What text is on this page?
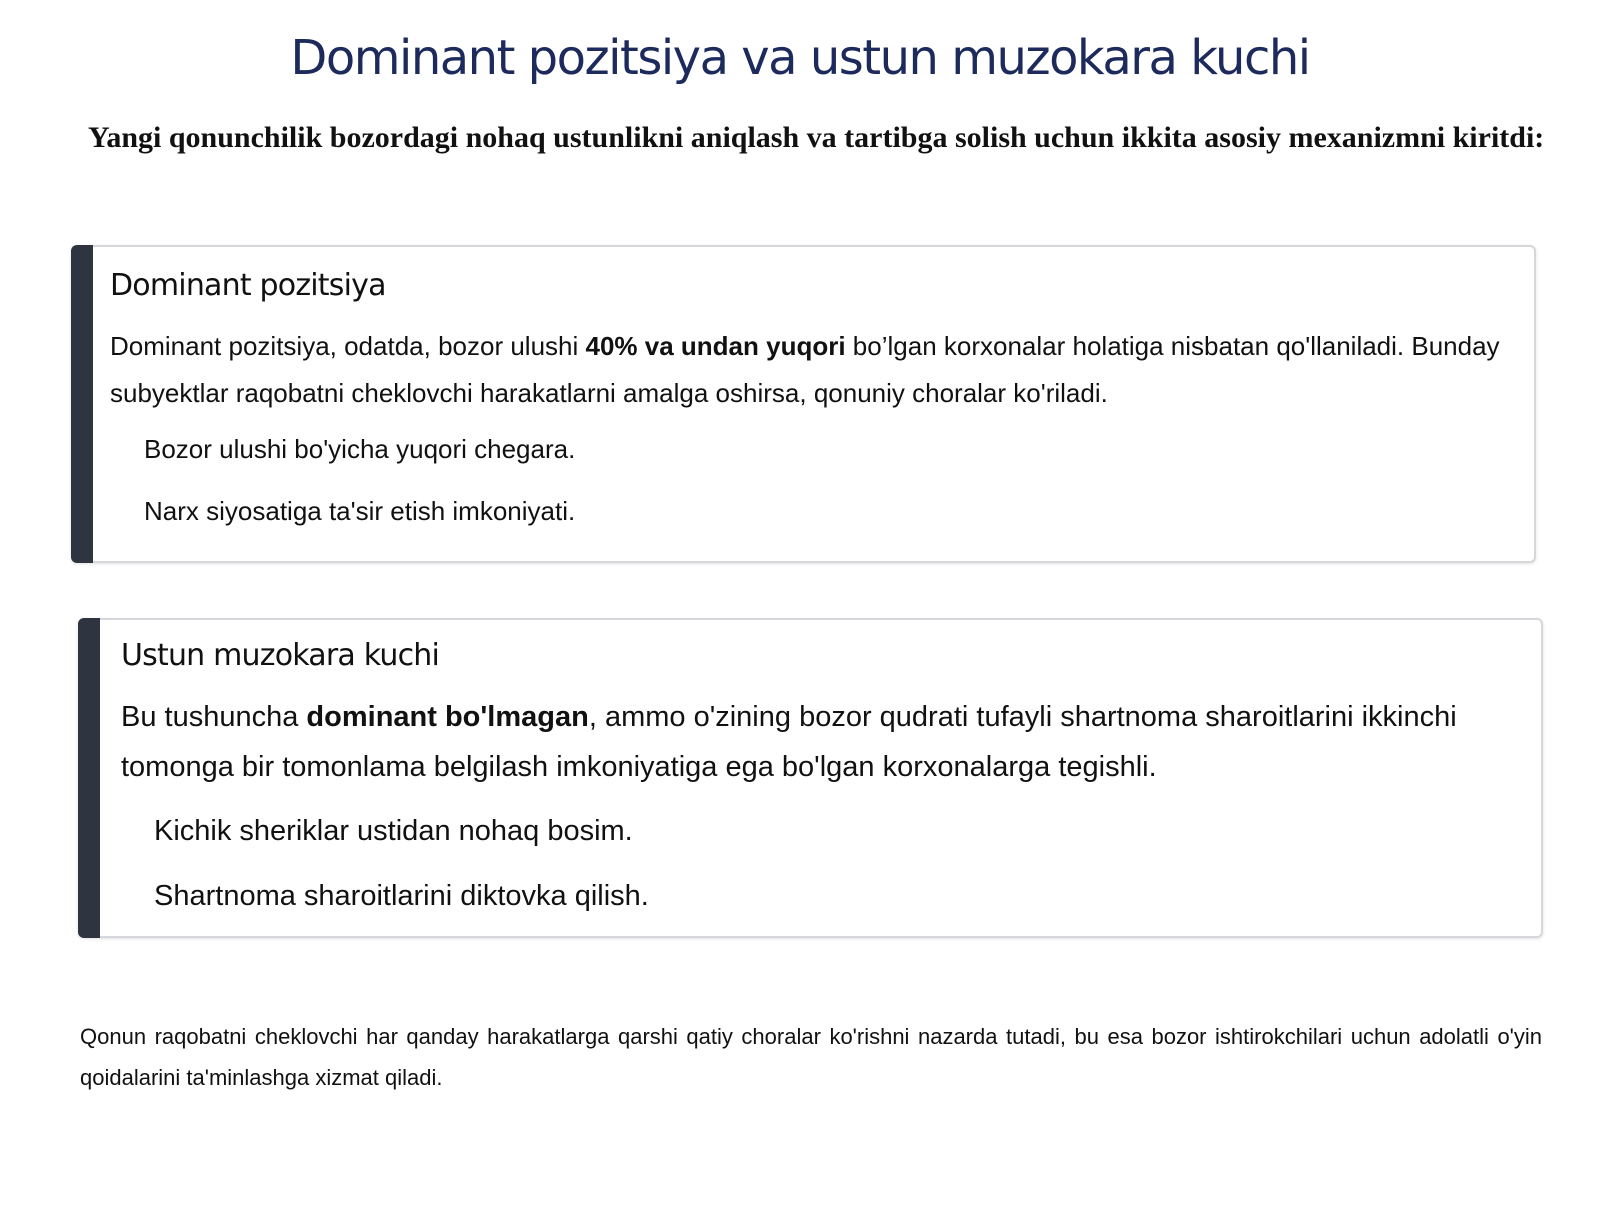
Dominant pozitsiya va ustun muzokara kuchi
Yangi qonunchilik bozordagi nohaq ustunlikni aniqlash va tartibga solish uchun ikkita asosiy mexanizmni kiritdi:
Dominant pozitsiya
Dominant pozitsiya, odatda, bozor ulushi 40% va undan yuqori bo’lgan korxonalar holatiga nisbatan qo'llaniladi. Bunday subyektlar raqobatni cheklovchi harakatlarni amalga oshirsa, qonuniy choralar ko'riladi.
Bozor ulushi bo'yicha yuqori chegara.
Narx siyosatiga ta'sir etish imkoniyati.
Ustun muzokara kuchi
Bu tushuncha dominant bo'lmagan, ammo o'zining bozor qudrati tufayli shartnoma sharoitlarini ikkinchi tomonga bir tomonlama belgilash imkoniyatiga ega bo'lgan korxonalarga tegishli.
Kichik sheriklar ustidan nohaq bosim.
Shartnoma sharoitlarini diktovka qilish.
Qonun raqobatni cheklovchi har qanday harakatlarga qarshi qatiy choralar ko'rishni nazarda tutadi, bu esa bozor ishtirokchilari uchun adolatli o'yin qoidalarini ta'minlashga xizmat qiladi.
